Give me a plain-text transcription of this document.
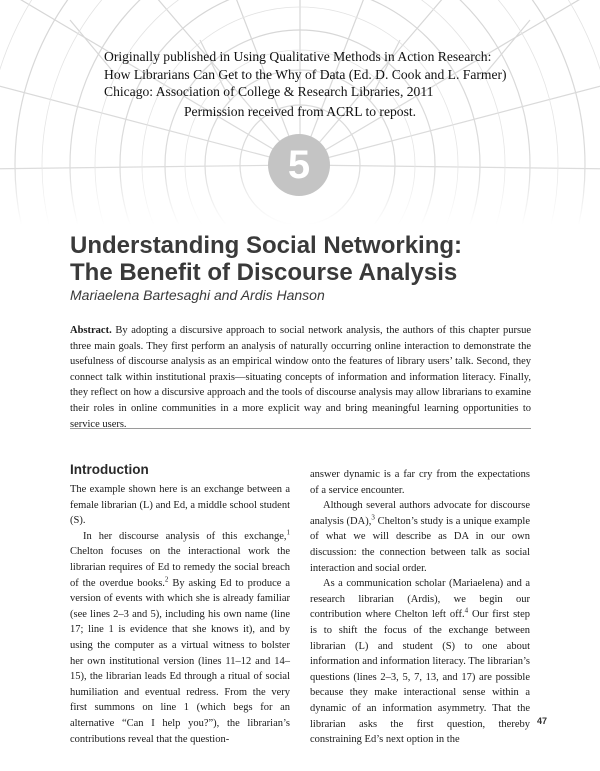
Originally published in Using Qualitative Methods in Action Research:
How Librarians Can Get to the Why of Data (Ed. D. Cook and L. Farmer)
Chicago: Association of College & Research Libraries, 2011
Permission received from ACRL to repost.
5
Understanding Social Networking:
The Benefit of Discourse Analysis
Mariaelena Bartesaghi and Ardis Hanson
Abstract. By adopting a discursive approach to social network analysis, the authors of this chapter pursue three main goals. They first perform an analysis of naturally occurring online interaction to demonstrate the usefulness of discourse analysis as an empirical window onto the features of library users’ talk. Second, they connect talk within institutional praxis—situating concepts of information and information literacy. Finally, they reflect on how a discursive approach and the tools of discourse analysis may allow librarians to examine their roles in online communities in a more explicit way and bring meaningful learning opportunities to service users.
Introduction

The example shown here is an exchange between a female librarian (L) and Ed, a middle school student (S).

In her discourse analysis of this exchange,$^1$ Chelton focuses on the interactional work the librarian requires of Ed to remedy the social breach of the overdue books.$^2$ By asking Ed to produce a version of events with which she is already familiar (see lines 2–3 and 5), including his own name (line 17; line 1 is evidence that she knows it), and by using the computer as a virtual witness to bolster her own institutional version (lines 11–12 and 14–15), the librarian leads Ed through a ritual of social humiliation and eventual redress. From the very first summons on line 1 (which begs for an alternative “Can I help you?”), the librarian’s contributions reveal that the question-

answer dynamic is a far cry from the expectations of a service encounter.

Although several authors advocate for discourse analysis (DA),$^3$ Chelton’s study is a unique example of what we will describe as DA in our own discussion: the connection between talk as social interaction and social order.

As a communication scholar (Mariaelena) and a research librarian (Ardis), we begin our contribution where Chelton left off.$^4$ Our first step is to shift the focus of the exchange between librarian (L) and student (S) to one about information and information literacy. The librarian’s questions (lines 2–3, 5, 7, 13, and 17) are possible because they make interactional sense within a dynamic of an information asymmetry. That the librarian asks the first question, thereby constraining Ed’s next option in the

47
